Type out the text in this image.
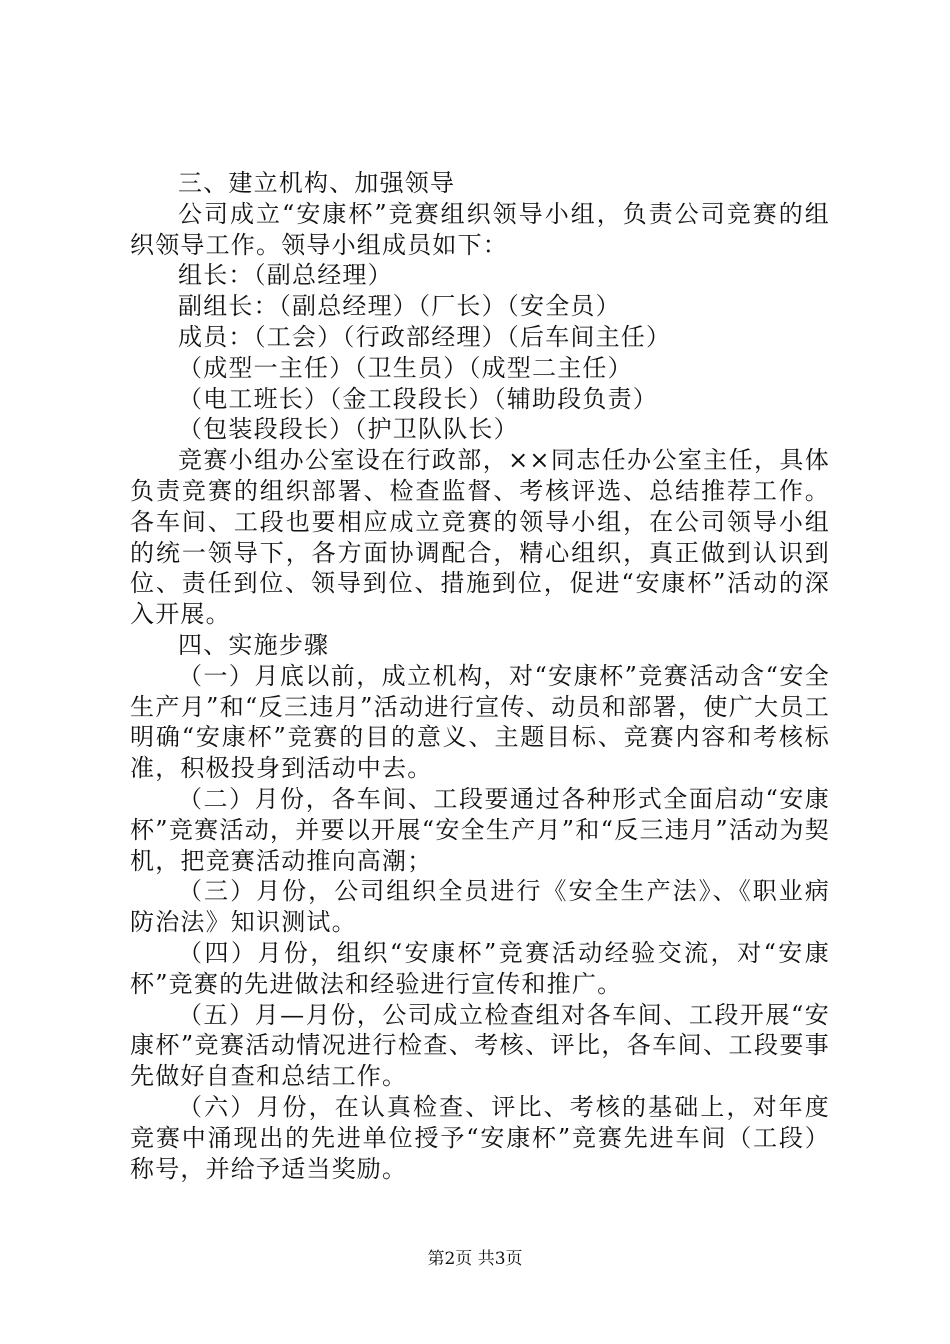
三、建立机构、加强领导

公司成立“安康杯”竞赛组织领导小组，负责公司竞赛的组织领导工作。领导小组成员如下：

组长：（副总经理）

副组长：（副总经理）（厂长）（安全员）

成员：（工会）（行政部经理）（后车间主任）

（成型一主任）（卫生员）（成型二主任）

（电工班长）（金工段段长）（辅助段负责）

（包装段段长）（护卫队队长）

竞赛小组办公室设在行政部，××同志任办公室主任，具体负责竞赛的组织部署、检查监督、考核评选、总结推荐工作。各车间、工段也要相应成立竞赛的领导小组，在公司领导小组的统一领导下，各方面协调配合，精心组织，真正做到认识到位、责任到位、领导到位、措施到位，促进“安康杯”活动的深入开展。

四、实施步骤

（一）月底以前，成立机构，对“安康杯”竞赛活动含“安全生产月”和“反三违月”活动进行宣传、动员和部署，使广大员工明确“安康杯”竞赛的目的意义、主题目标、竞赛内容和考核标准，积极投身到活动中去。

（二）月份，各车间、工段要通过各种形式全面启动“安康杯”竞赛活动，并要以开展“安全生产月”和“反三违月”活动为契机，把竞赛活动推向高潮；

（三）月份，公司组织全员进行《安全生产法》、《职业病防治法》知识测试。

（四）月份，组织“安康杯”竞赛活动经验交流，对“安康杯”竞赛的先进做法和经验进行宣传和推广。

（五）月—月份，公司成立检查组对各车间、工段开展“安康杯”竞赛活动情况进行检查、考核、评比，各车间、工段要事先做好自查和总结工作。

（六）月份，在认真检查、评比、考核的基础上，对年度竞赛中涌现出的先进单位授予“安康杯”竞赛先进车间（工段）称号，并给予适当奖励。

第2页 共3页
